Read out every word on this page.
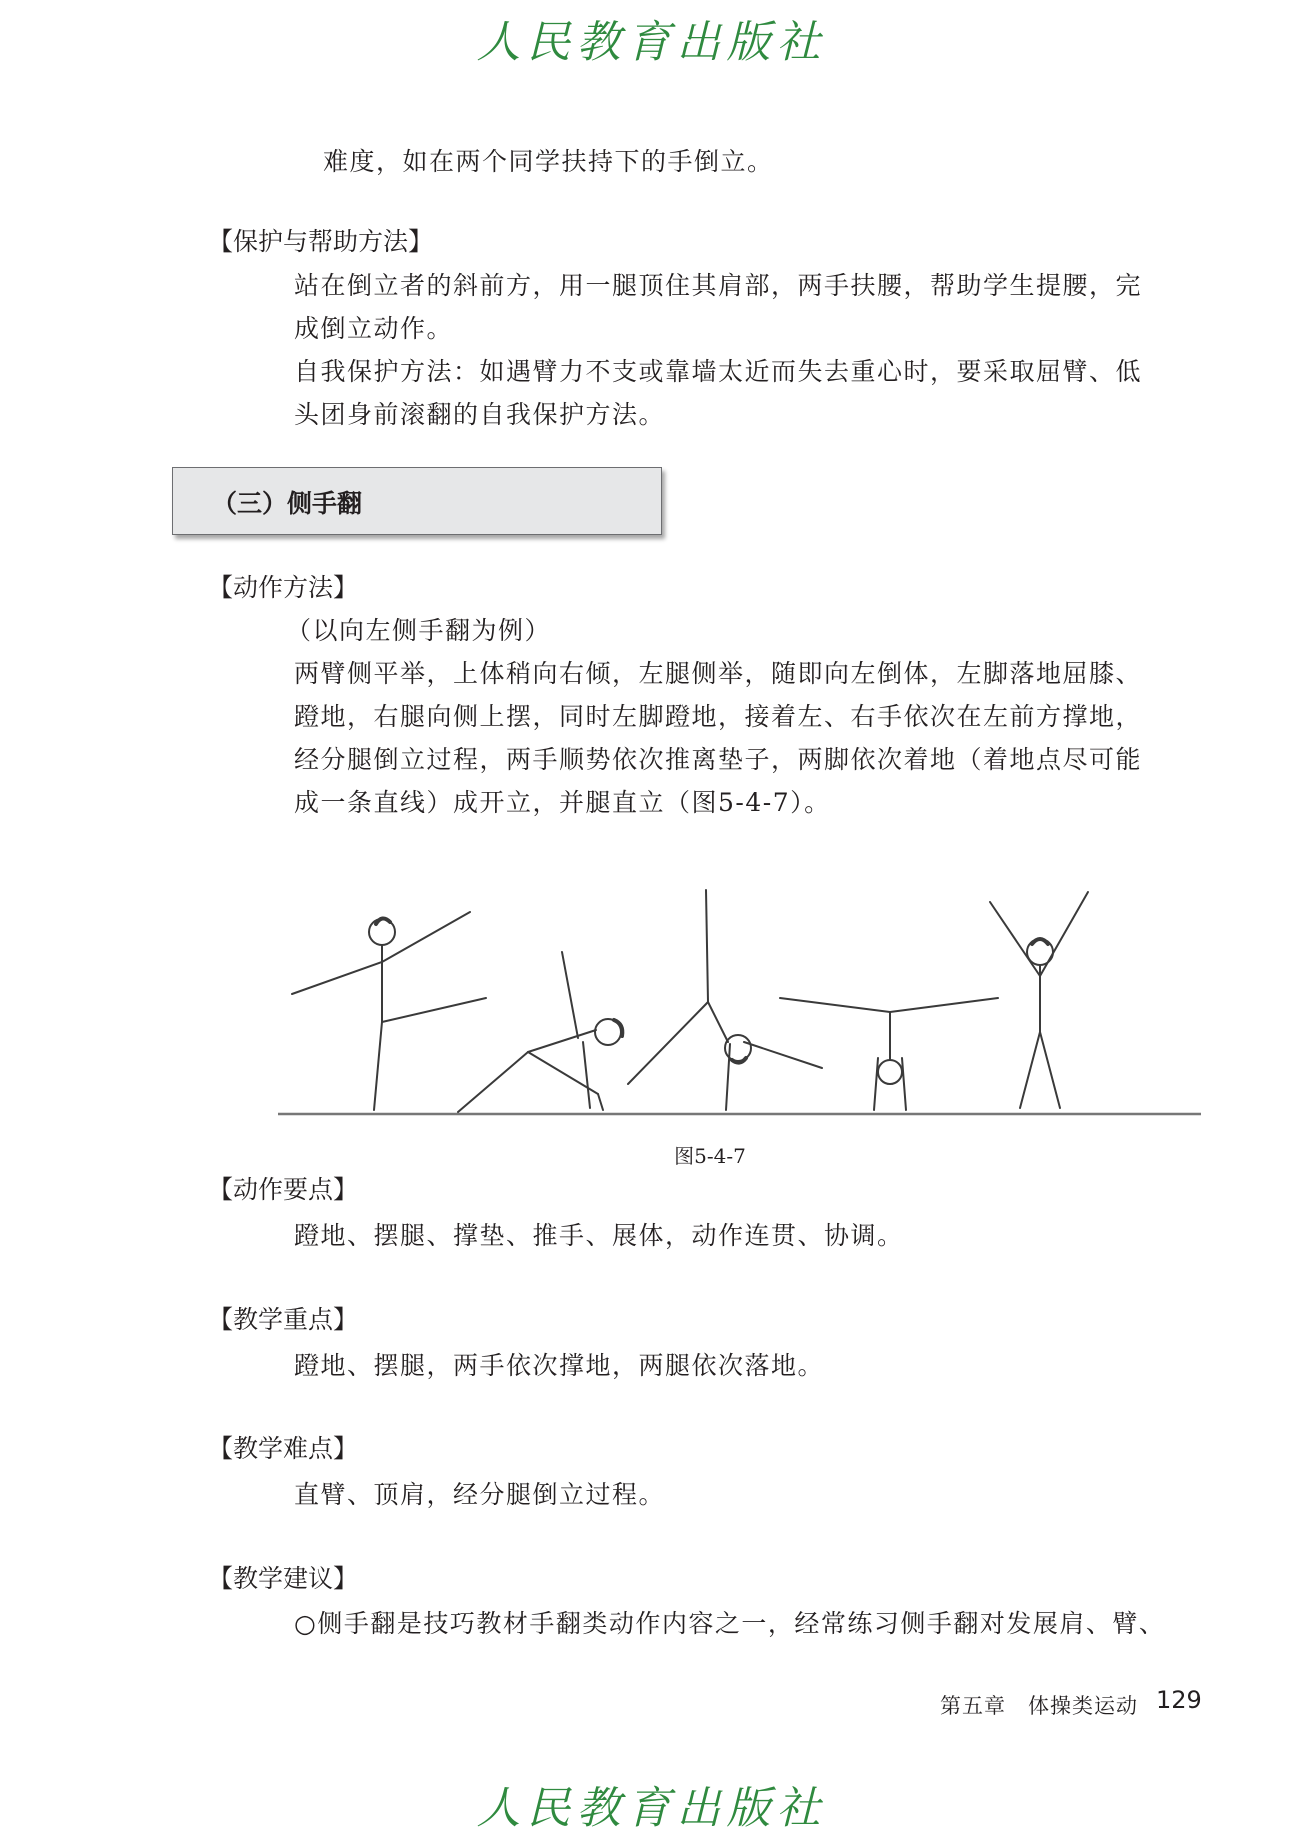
人民教育出版社
难度，如在两个同学扶持下的手倒立。
【保护与帮助方法】
站在倒立者的斜前方，用一腿顶住其肩部，两手扶腰，帮助学生提腰，完
成倒立动作。
自我保护方法：如遇臂力不支或靠墙太近而失去重心时，要采取屈臂、低
头团身前滚翻的自我保护方法。
（三）侧手翻
【动作方法】
（以向左侧手翻为例）
两臂侧平举，上体稍向右倾，左腿侧举，随即向左倒体，左脚落地屈膝、
蹬地，右腿向侧上摆，同时左脚蹬地，接着左、右手依次在左前方撑地，
经分腿倒立过程，两手顺势依次推离垫子，两脚依次着地（着地点尽可能
成一条直线）成开立，并腿直立（图5-4-7）。
图5-4-7
【动作要点】
蹬地、摆腿、撑垫、推手、展体，动作连贯、协调。
【教学重点】
蹬地、摆腿，两手依次撑地，两腿依次落地。
【教学难点】
直臂、顶肩，经分腿倒立过程。
【教学建议】
○侧手翻是技巧教材手翻类动作内容之一，经常练习侧手翻对发展肩、臂、
第五章　体操类运动 129
人民教育出版社
